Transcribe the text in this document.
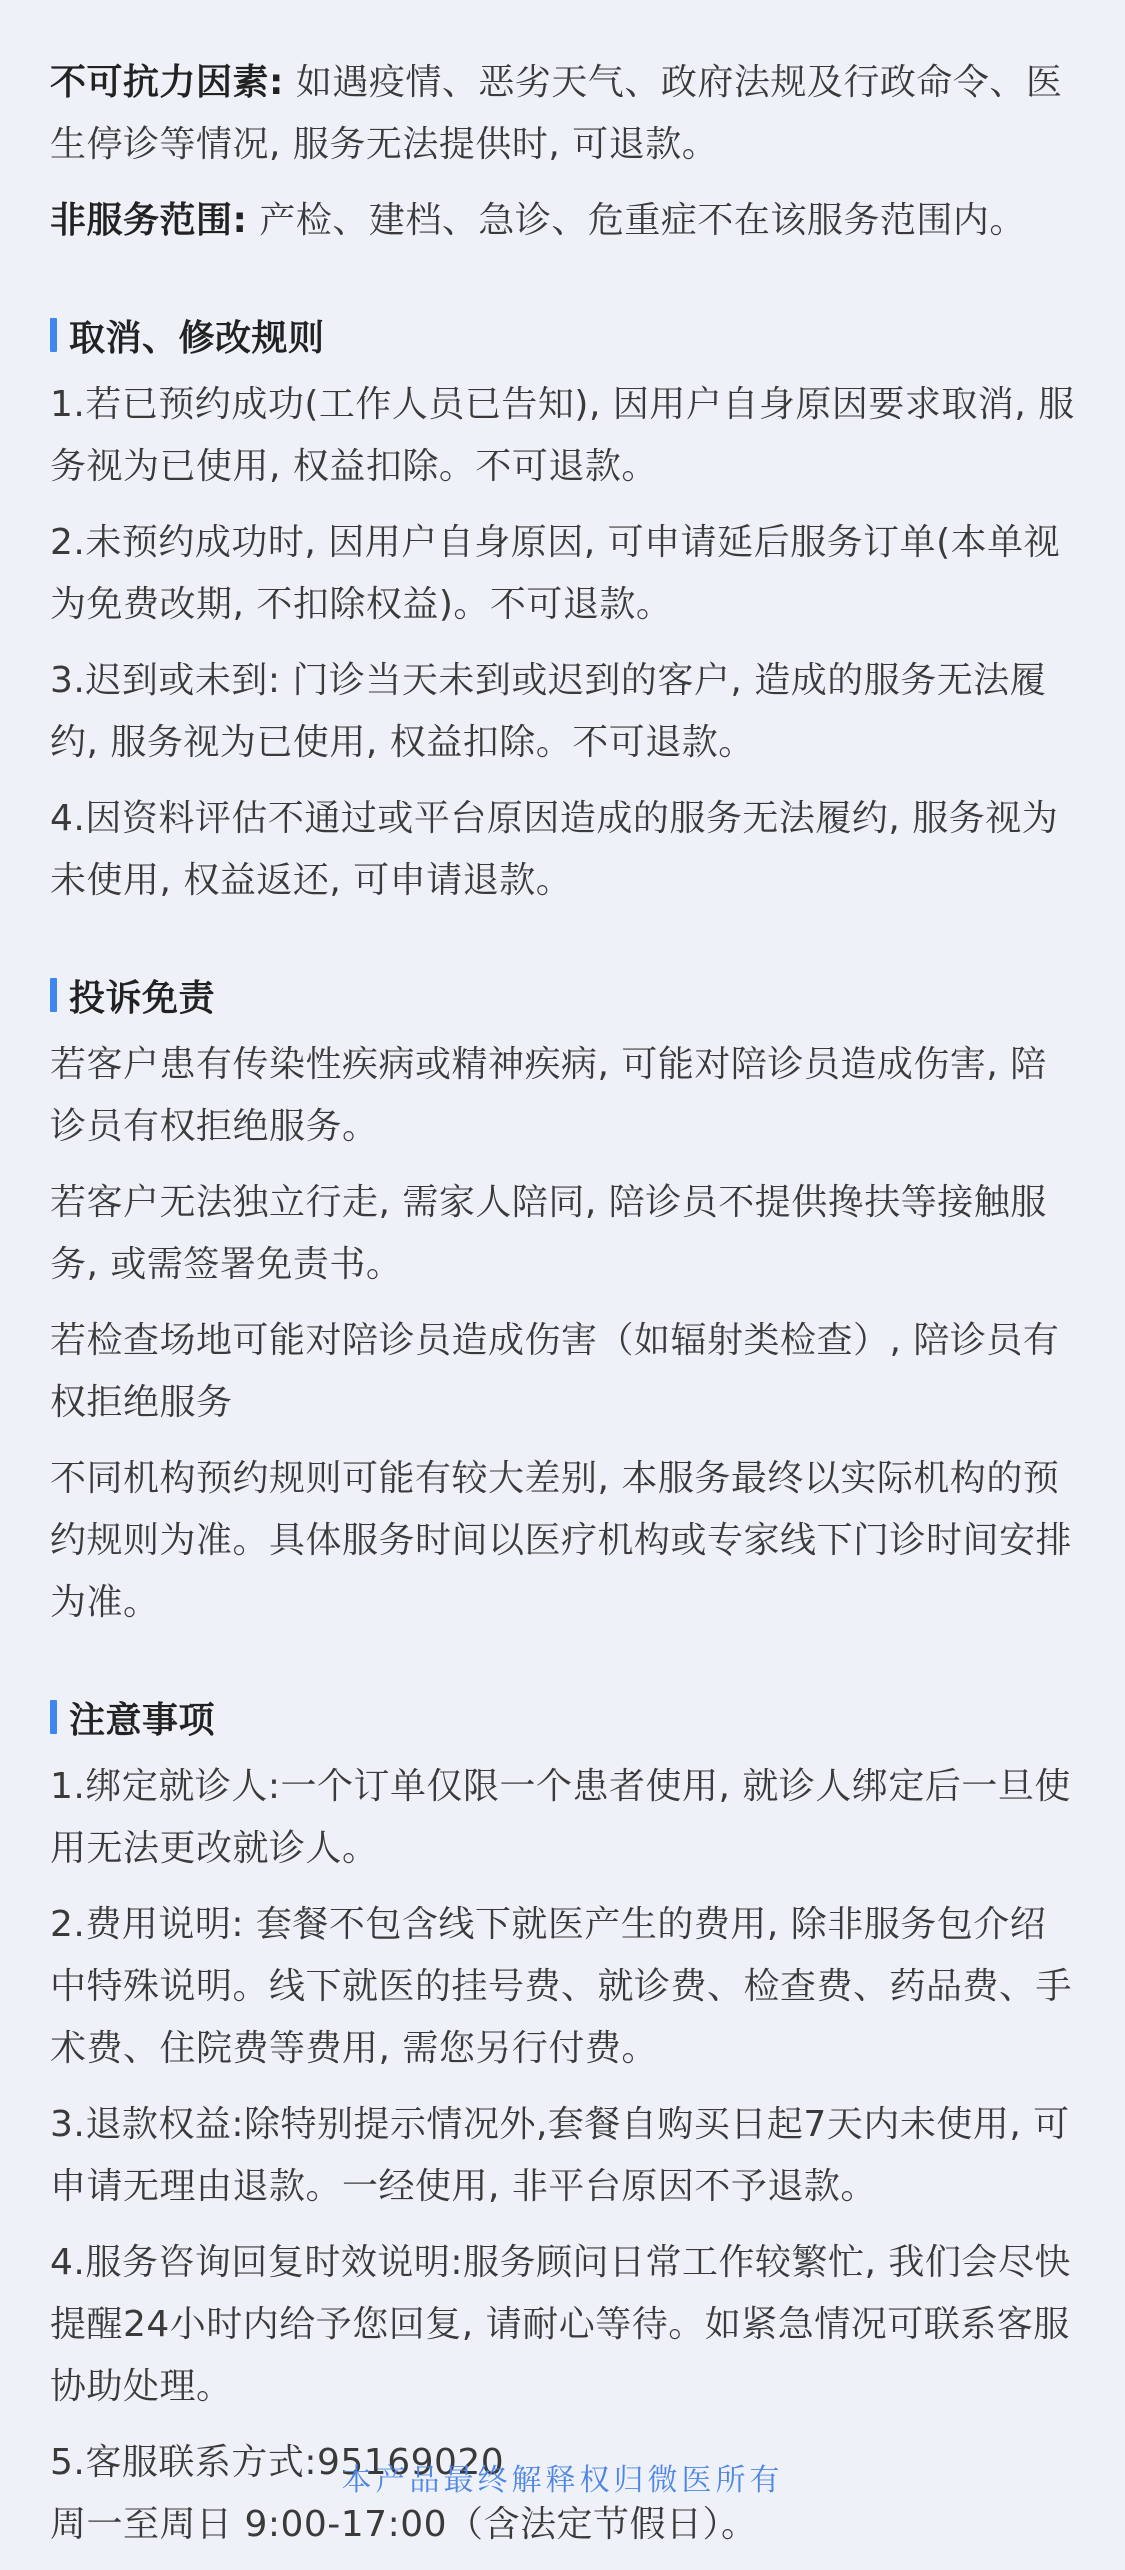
不可抗力因素: 如遇疫情、恶劣天气、政府法规及行政命令、医生停诊等情况, 服务无法提供时, 可退款。

非服务范围: 产检、建档、急诊、危重症不在该服务范围内。

取消、修改规则

1.若已预约成功(工作人员已告知), 因用户自身原因要求取消, 服务视为已使用, 权益扣除。不可退款。

2.未预约成功时, 因用户自身原因, 可申请延后服务订单(本单视为免费改期, 不扣除权益)。不可退款。

3.迟到或未到: 门诊当天未到或迟到的客户, 造成的服务无法履约, 服务视为已使用, 权益扣除。不可退款。

4.因资料评估不通过或平台原因造成的服务无法履约, 服务视为未使用, 权益返还, 可申请退款。

投诉免责

若客户患有传染性疾病或精神疾病, 可能对陪诊员造成伤害, 陪诊员有权拒绝服务。

若客户无法独立行走, 需家人陪同, 陪诊员不提供搀扶等接触服务, 或需签署免责书。

若检查场地可能对陪诊员造成伤害（如辐射类检查）, 陪诊员有权拒绝服务

不同机构预约规则可能有较大差别, 本服务最终以实际机构的预约规则为准。具体服务时间以医疗机构或专家线下门诊时间安排为准。

注意事项

1.绑定就诊人:一个订单仅限一个患者使用, 就诊人绑定后一旦使用无法更改就诊人。

2.费用说明: 套餐不包含线下就医产生的费用, 除非服务包介绍中特殊说明。线下就医的挂号费、就诊费、检查费、药品费、手术费、住院费等费用, 需您另行付费。

3.退款权益:除特别提示情况外,套餐自购买日起7天内未使用, 可申请无理由退款。一经使用, 非平台原因不予退款。

4.服务咨询回复时效说明:服务顾问日常工作较繁忙, 我们会尽快提醒24小时内给予您回复, 请耐心等待。如紧急情况可联系客服协助处理。

5.客服联系方式:95169020
周一至周日 9:00-17:00（含法定节假日）。

本产品最终解释权归微医所有
